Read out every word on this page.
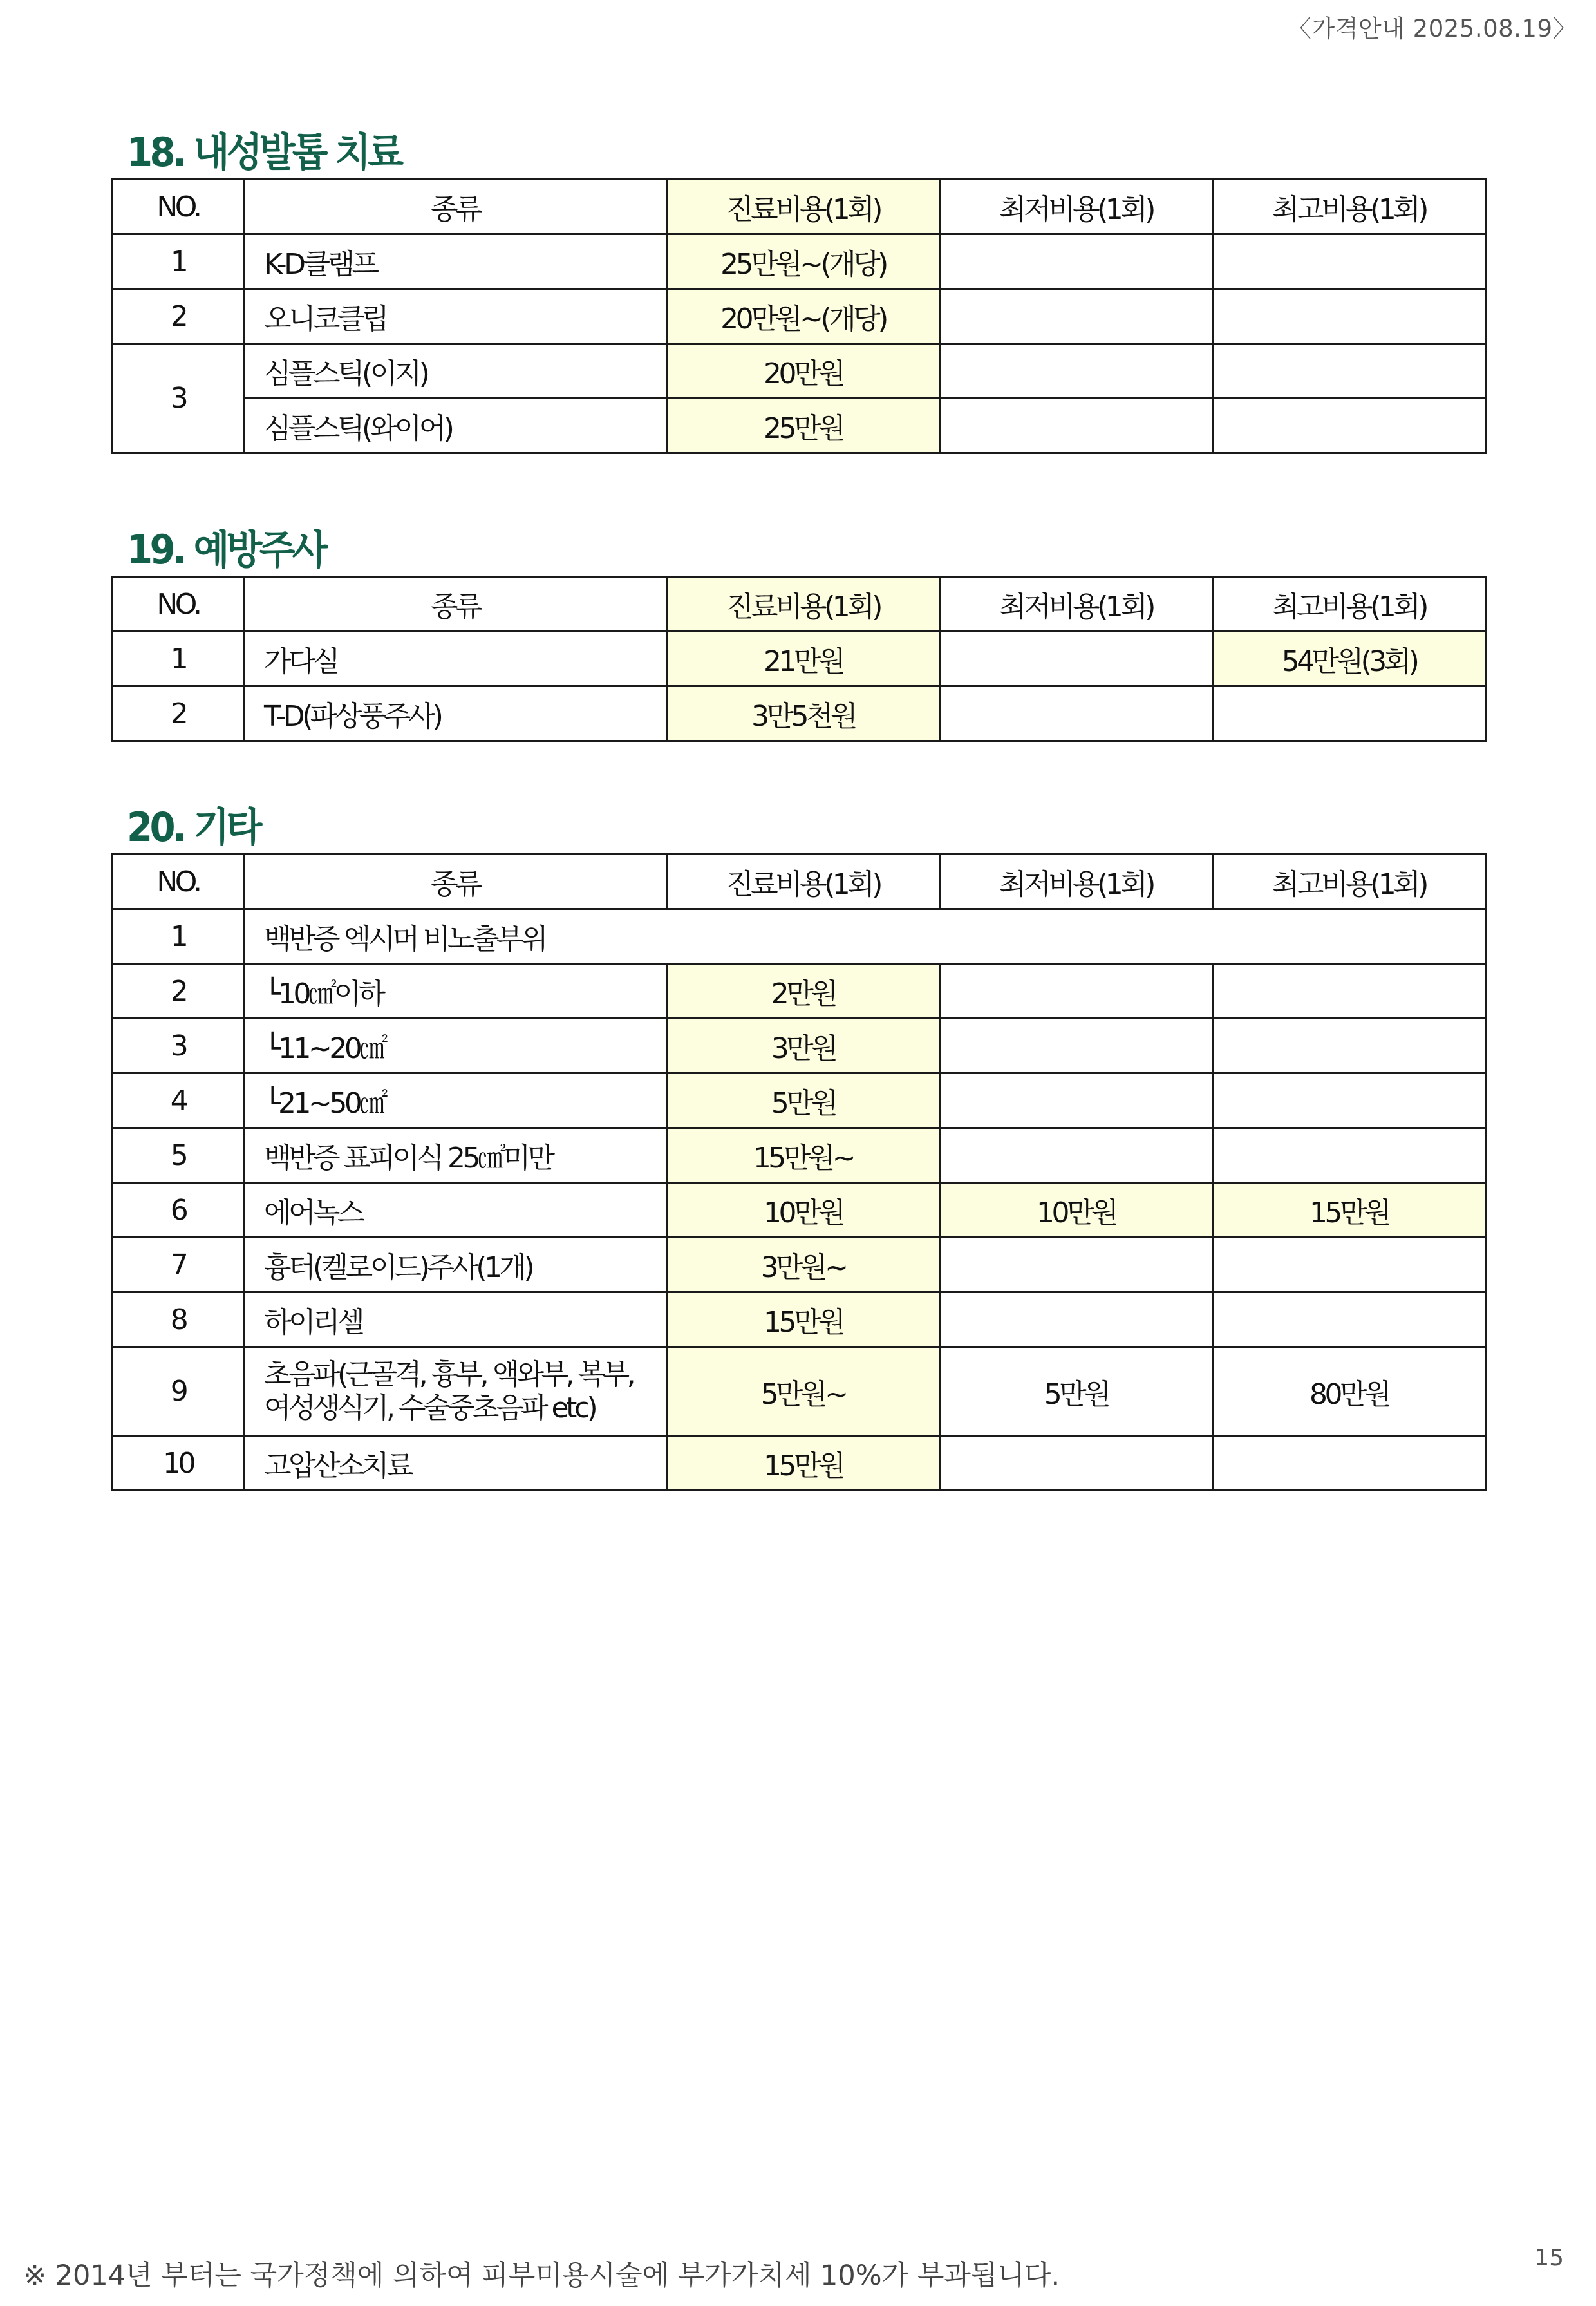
〈가격안내 2025.08.19〉
18. 내성발톱 치료
NO.	종류	진료비용(1회)	최저비용(1회)	최고비용(1회)
1	K-D클램프	25만원~(개당)		
2	오니코클립	20만원~(개당)		
3	심플스틱(이지)	20만원		
	심플스틱(와이어)	25만원		
19. 예방주사
NO.	종류	진료비용(1회)	최저비용(1회)	최고비용(1회)
1	가다실	21만원		54만원(3회)
2	T-D(파상풍주사)	3만5천원		
20. 기타
NO.	종류	진료비용(1회)	최저비용(1회)	최고비용(1회)
1	백반증 엑시머 비노출부위			
2	└10㎠이하	2만원		
3	└11~20㎠	3만원		
4	└21~50㎠	5만원		
5	백반증 표피이식 25㎠미만	15만원~		
6	에어녹스	10만원	10만원	15만원
7	흉터(켈로이드)주사(1개)	3만원~		
8	하이리셀	15만원		
9	초음파(근골격, 흉부, 액와부, 복부, 여성생식기, 수술중초음파 etc)	5만원~	5만원	80만원
10	고압산소치료	15만원		
※ 2014년 부터는 국가정책에 의하여 피부미용시술에 부가가치세 10%가 부과됩니다.
15
